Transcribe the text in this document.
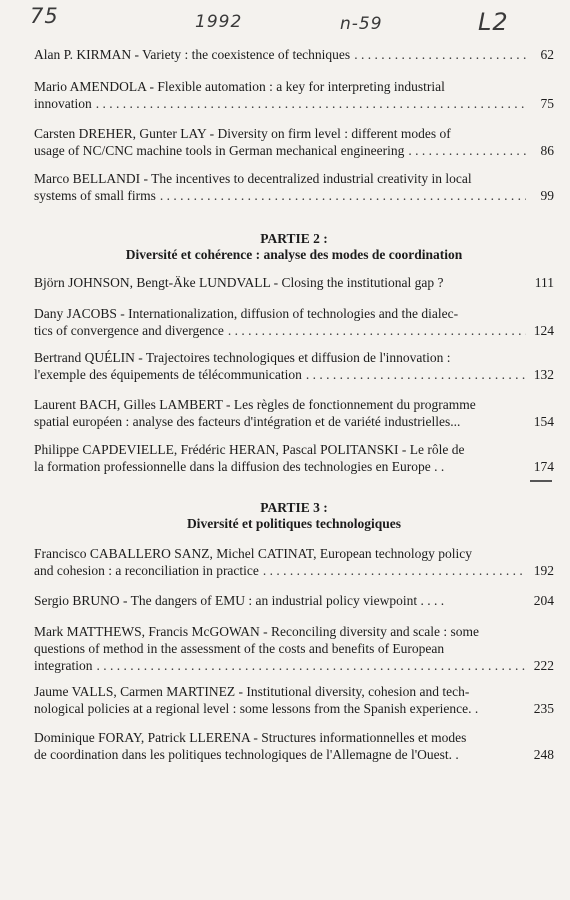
75	1992	n-59	L2
Alan P. KIRMAN - Variety : the coexistence of techniques . . .	62
Mario AMENDOLA - Flexible automation : a key for interpreting industrial
innovation . . .	75
Carsten DREHER, Gunter LAY - Diversity on firm level : different modes of
usage of NC/CNC machine tools in German mechanical engineering . . .	86
Marco BELLANDI - The incentives to decentralized industrial creativity in local
systems of small firms . . .	99
PARTIE 2 :
Diversité et cohérence : analyse des modes de coordination
Björn JOHNSON, Bengt-Äke LUNDVALL - Closing the institutional gap ?	111
Dany JACOBS - Internationalization, diffusion of technologies and the dialec-
tics of convergence and divergence . . .	124
Bertrand QUÉLIN - Trajectoires technologiques et diffusion de l'innovation :
l'exemple des équipements de télécommunication . . .	132
Laurent BACH, Gilles LAMBERT - Les règles de fonctionnement du programme
spatial européen : analyse des facteurs d'intégration et de variété industrielles...	154
Philippe CAPDEVIELLE, Frédéric HERAN, Pascal POLITANSKI - Le rôle de
la formation professionnelle dans la diffusion des technologies en Europe . .	174
PARTIE 3 :
Diversité et politiques technologiques
Francisco CABALLERO SANZ, Michel CATINAT, European technology policy
and cohesion : a reconciliation in practice . . .	192
Sergio BRUNO - The dangers of EMU : an industrial policy viewpoint . . . .	204
Mark MATTHEWS, Francis McGOWAN - Reconciling diversity and scale : some
questions of method in the assessment of the costs and benefits of European
integration . . .	222
Jaume VALLS, Carmen MARTINEZ - Institutional diversity, cohesion and tech-
nological policies at a regional level : some lessons from the Spanish experience. .	235
Dominique FORAY, Patrick LLERENA - Structures informationnelles et modes
de coordination dans les politiques technologiques de l'Allemagne de l'Ouest. .	248
